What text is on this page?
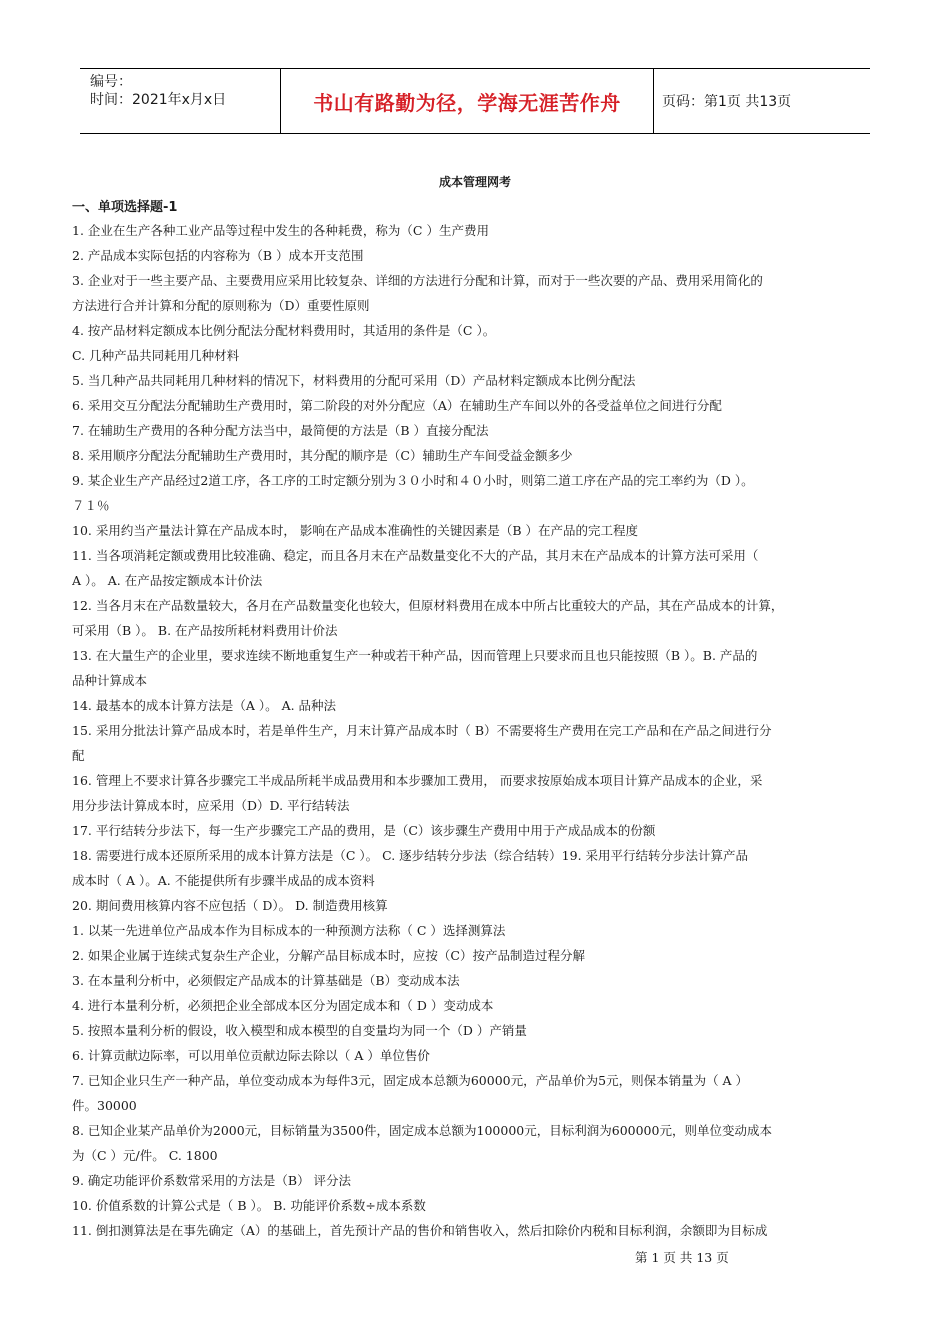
编号：
时间：2021年x月x日	书山有路勤为径，学海无涯苦作舟	页码：第1页 共13页
成本管理网考
一、单项选择题-1
1. 企业在生产各种工业产品等过程中发生的各种耗费，称为（C ）生产费用
2. 产品成本实际包括的内容称为（B ）成本开支范围
3. 企业对于一些主要产品、主要费用应采用比较复杂、详细的方法进行分配和计算，而对于一些次要的产品、费用采用简化的
方法进行合并计算和分配的原则称为（D）重要性原则
4. 按产品材料定额成本比例分配法分配材料费用时，其适用的条件是（C ）。
C. 几种产品共同耗用几种材料
5. 当几种产品共同耗用几种材料的情况下，材料费用的分配可采用（D）产品材料定额成本比例分配法
6. 采用交互分配法分配辅助生产费用时，第二阶段的对外分配应（A）在辅助生产车间以外的各受益单位之间进行分配
7. 在辅助生产费用的各种分配方法当中，最简便的方法是（B ）直接分配法
8. 采用顺序分配法分配辅助生产费用时，其分配的顺序是（C）辅助生产车间受益金额多少
9. 某企业生产产品经过2道工序，各工序的工时定额分别为３０小时和４０小时，则第二道工序在产品的完工率约为（D ）。
７１％
10. 采用约当产量法计算在产品成本时， 影响在产品成本准确性的关键因素是（B ）在产品的完工程度
11. 当各项消耗定额或费用比较准确、稳定，而且各月末在产品数量变化不大的产品，其月末在产品成本的计算方法可采用（
A ）。 A. 在产品按定额成本计价法
12. 当各月末在产品数量较大，各月在产品数量变化也较大，但原材料费用在成本中所占比重较大的产品，其在产品成本的计算，
可采用（B ）。 B. 在产品按所耗材料费用计价法
13. 在大量生产的企业里，要求连续不断地重复生产一种或若干种产品，因而管理上只要求而且也只能按照（B ）。B. 产品的
品种计算成本
14. 最基本的成本计算方法是（A ）。 A. 品种法
15. 采用分批法计算产品成本时，若是单件生产，月末计算产品成本时（ B）不需要将生产费用在完工产品和在产品之间进行分
配
16. 管理上不要求计算各步骤完工半成品所耗半成品费用和本步骤加工费用， 而要求按原始成本项目计算产品成本的企业，采
用分步法计算成本时，应采用（D）D. 平行结转法
17. 平行结转分步法下，每一生产步骤完工产品的费用，是（C）该步骤生产费用中用于产成品成本的份额
18. 需要进行成本还原所采用的成本计算方法是（C ）。 C. 逐步结转分步法（综合结转）19. 采用平行结转分步法计算产品
成本时（ A ）。A. 不能提供所有步骤半成品的成本资料
20. 期间费用核算内容不应包括（ D）。 D. 制造费用核算
1. 以某一先进单位产品成本作为目标成本的一种预测方法称（ C ）选择测算法
2. 如果企业属于连续式复杂生产企业，分解产品目标成本时，应按（C）按产品制造过程分解
3. 在本量利分析中，必须假定产品成本的计算基础是（B）变动成本法
4. 进行本量利分析，必须把企业全部成本区分为固定成本和（ D ）变动成本
5. 按照本量利分析的假设，收入模型和成本模型的自变量均为同一个（D ）产销量
6. 计算贡献边际率，可以用单位贡献边际去除以（ A ）单位售价
7. 已知企业只生产一种产品，单位变动成本为每件3元，固定成本总额为60000元，产品单价为5元，则保本销量为（ A ）
件。30000
8. 已知企业某产品单价为2000元，目标销量为3500件，固定成本总额为100000元，目标利润为600000元，则单位变动成本
为（C ）元/件。 C. 1800
9. 确定功能评价系数常采用的方法是（B） 评分法
10. 价值系数的计算公式是（ B ）。 B. 功能评价系数÷成本系数
11. 倒扣测算法是在事先确定（A）的基础上，首先预计产品的售价和销售收入，然后扣除价内税和目标利润，余额即为目标成
第 1 页 共 13 页
